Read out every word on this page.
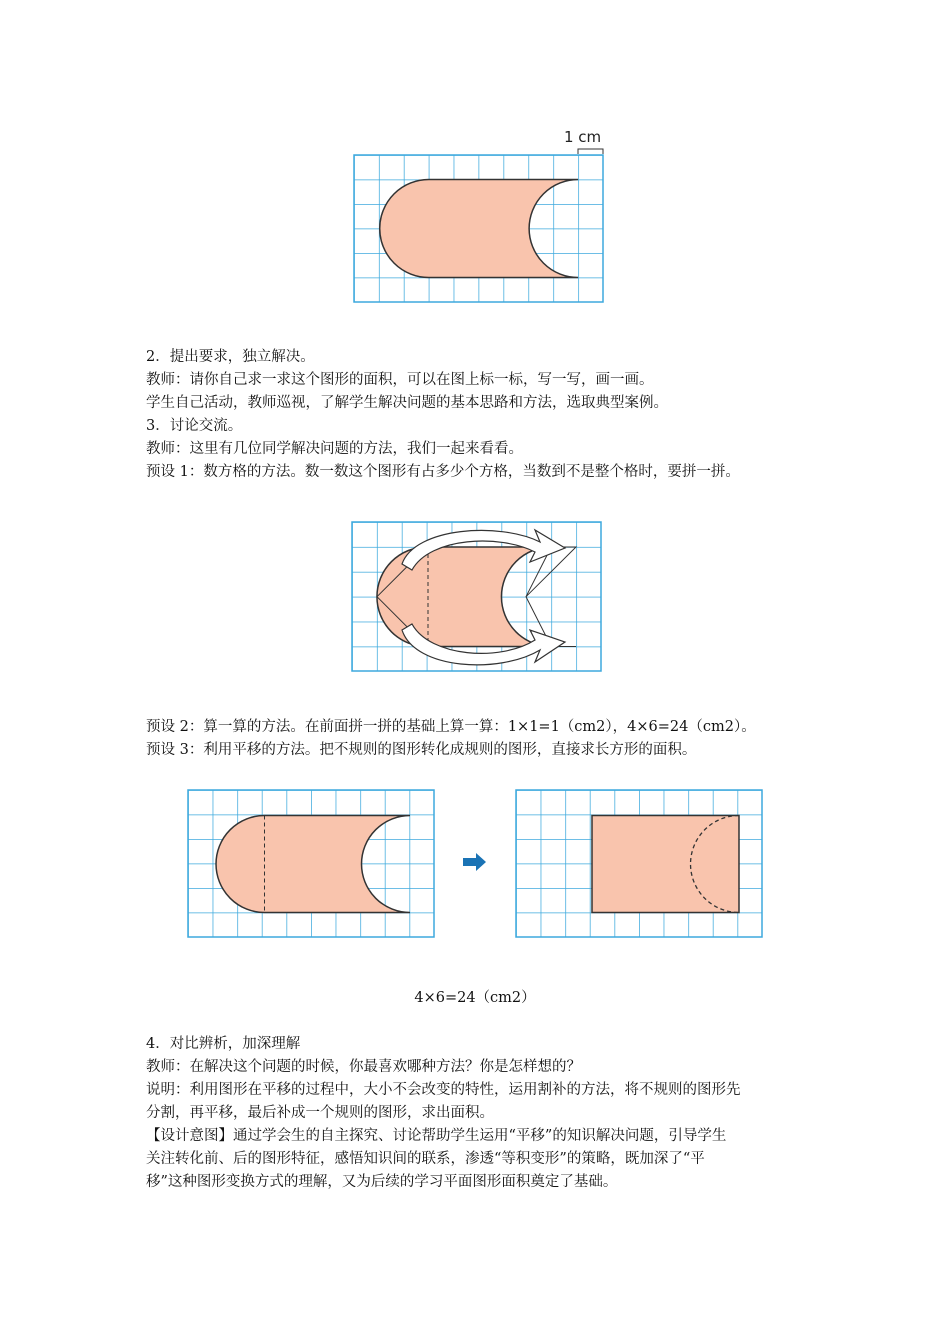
1 cm

2．提出要求，独立解决。
教师：请你自己求一求这个图形的面积，可以在图上标一标，写一写，画一画。
学生自己活动，教师巡视，了解学生解决问题的基本思路和方法，选取典型案例。
3．讨论交流。
教师：这里有几位同学解决问题的方法，我们一起来看看。
预设 1：数方格的方法。数一数这个图形有占多少个方格，当数到不是整个格时，要拼一拼。

预设 2：算一算的方法。在前面拼一拼的基础上算一算：1×1=1（cm2），4×6=24（cm2）。
预设 3：利用平移的方法。把不规则的图形转化成规则的图形，直接求长方形的面积。

4×6=24（cm2）

4．对比辨析，加深理解
教师：在解决这个问题的时候，你最喜欢哪种方法？你是怎样想的？
说明：利用图形在平移的过程中，大小不会改变的特性，运用割补的方法，将不规则的图形先
分割，再平移，最后补成一个规则的图形，求出面积。
【设计意图】通过学会生的自主探究、讨论帮助学生运用“平移”的知识解决问题，引导学生
关注转化前、后的图形特征，感悟知识间的联系，渗透“等积变形”的策略，既加深了“平
移”这种图形变换方式的理解，又为后续的学习平面图形面积奠定了基础。
